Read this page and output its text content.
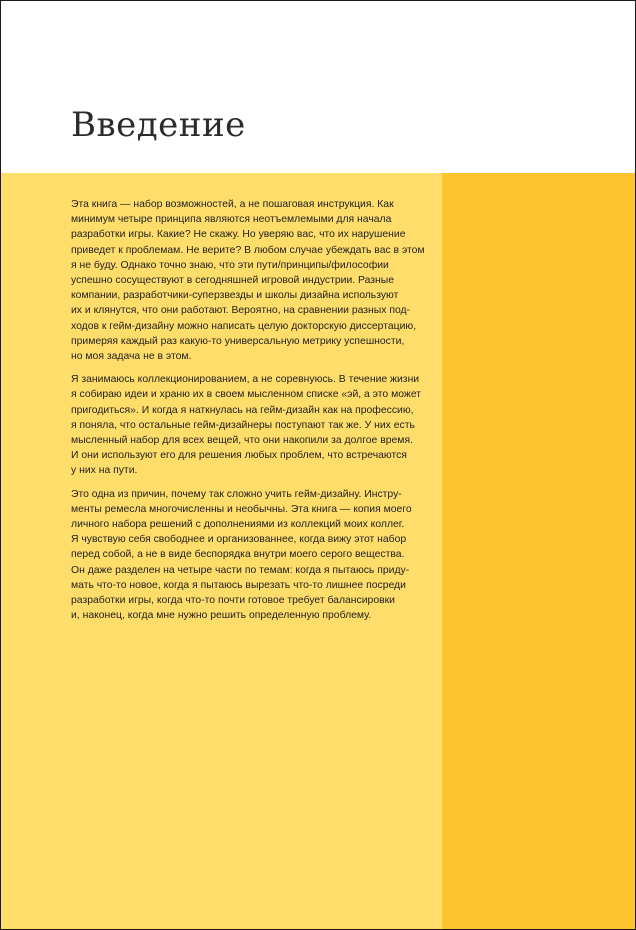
Введение

Эта книга — набор возможностей, а не пошаговая инструкция. Как
минимум четыре принципа являются неотъемлемыми для начала
разработки игры. Какие? Не скажу. Но уверяю вас, что их нарушение
приведет к проблемам. Не верите? В любом случае убеждать вас в этом
я не буду. Однако точно знаю, что эти пути/принципы/философии
успешно сосуществуют в сегодняшней игровой индустрии. Разные
компании, разработчики-суперзвезды и школы дизайна используют
их и клянутся, что они работают. Вероятно, на сравнении разных под-
ходов к гейм-дизайну можно написать целую докторскую диссертацию,
примеряя каждый раз какую-то универсальную метрику успешности,
но моя задача не в этом.

Я занимаюсь коллекционированием, а не соревнуюсь. В течение жизни
я собираю идеи и храню их в своем мысленном списке «эй, а это может
пригодиться». И когда я наткнулась на гейм-дизайн как на профессию,
я поняла, что остальные гейм-дизайнеры поступают так же. У них есть
мысленный набор для всех вещей, что они накопили за долгое время.
И они используют его для решения любых проблем, что встречаются
у них на пути.

Это одна из причин, почему так сложно учить гейм-дизайну. Инстру-
менты ремесла многочисленны и необычны. Эта книга — копия моего
личного набора решений с дополнениями из коллекций моих коллег.
Я чувствую себя свободнее и организованнее, когда вижу этот набор
перед собой, а не в виде беспорядка внутри моего серого вещества.
Он даже разделен на четыре части по темам: когда я пытаюсь приду-
мать что-то новое, когда я пытаюсь вырезать что-то лишнее посреди
разработки игры, когда что-то почти готовое требует балансировки
и, наконец, когда мне нужно решить определенную проблему.
